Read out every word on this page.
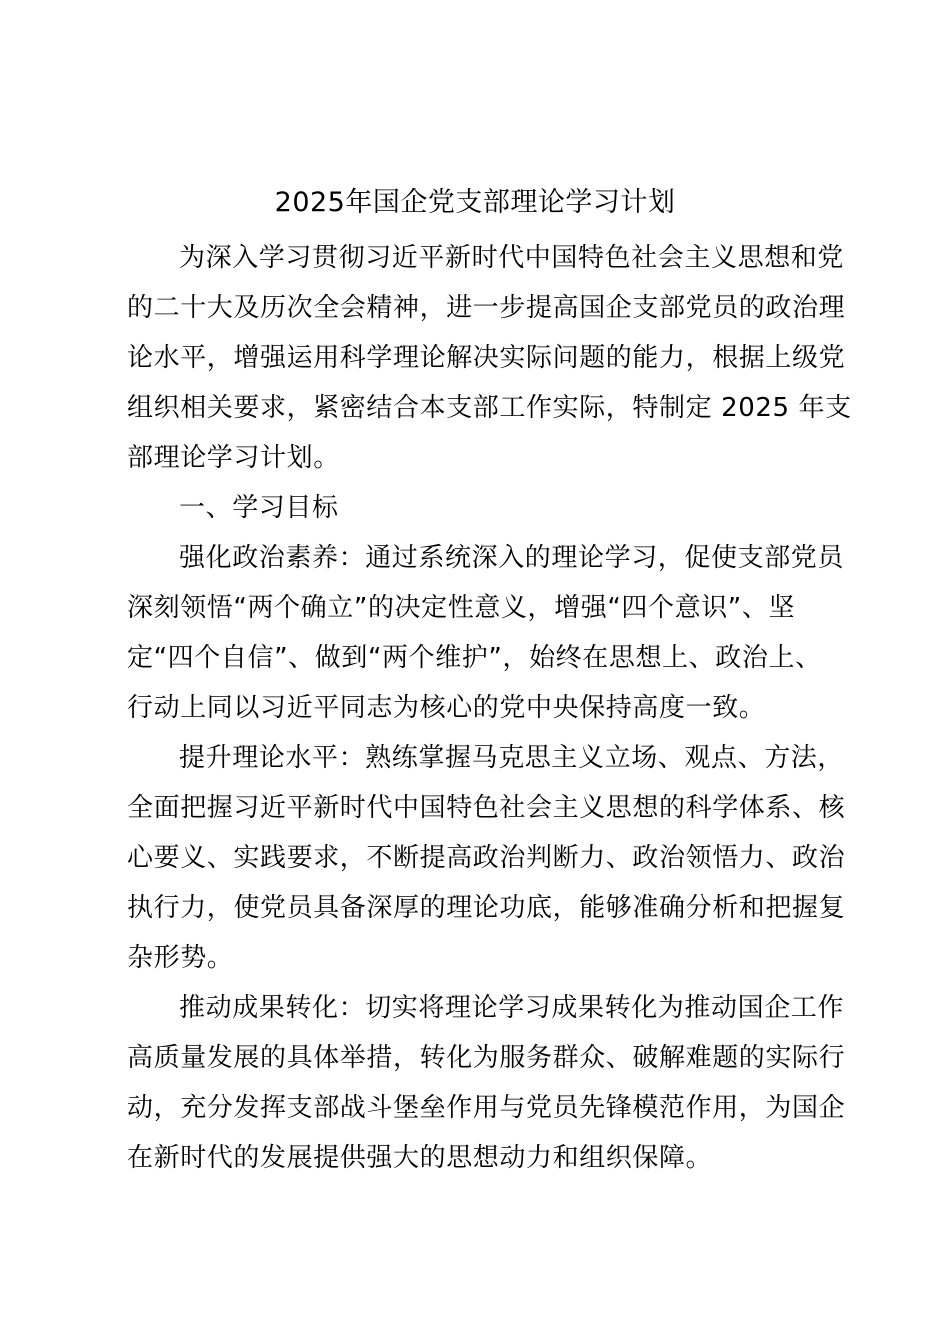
2025年国企党支部理论学习计划

为深入学习贯彻习近平新时代中国特色社会主义思想和党
的二十大及历次全会精神，进一步提高国企支部党员的政治理
论水平，增强运用科学理论解决实际问题的能力，根据上级党
组织相关要求，紧密结合本支部工作实际，特制定 2025 年支
部理论学习计划。

一、学习目标

强化政治素养：通过系统深入的理论学习，促使支部党员
深刻领悟“两个确立”的决定性意义，增强“四个意识”、坚
定“四个自信”、做到“两个维护”，始终在思想上、政治上、
行动上同以习近平同志为核心的党中央保持高度一致。

提升理论水平：熟练掌握马克思主义立场、观点、方法，
全面把握习近平新时代中国特色社会主义思想的科学体系、核
心要义、实践要求，不断提高政治判断力、政治领悟力、政治
执行力，使党员具备深厚的理论功底，能够准确分析和把握复
杂形势。

推动成果转化：切实将理论学习成果转化为推动国企工作
高质量发展的具体举措，转化为服务群众、破解难题的实际行
动，充分发挥支部战斗堡垒作用与党员先锋模范作用，为国企
在新时代的发展提供强大的思想动力和组织保障。
